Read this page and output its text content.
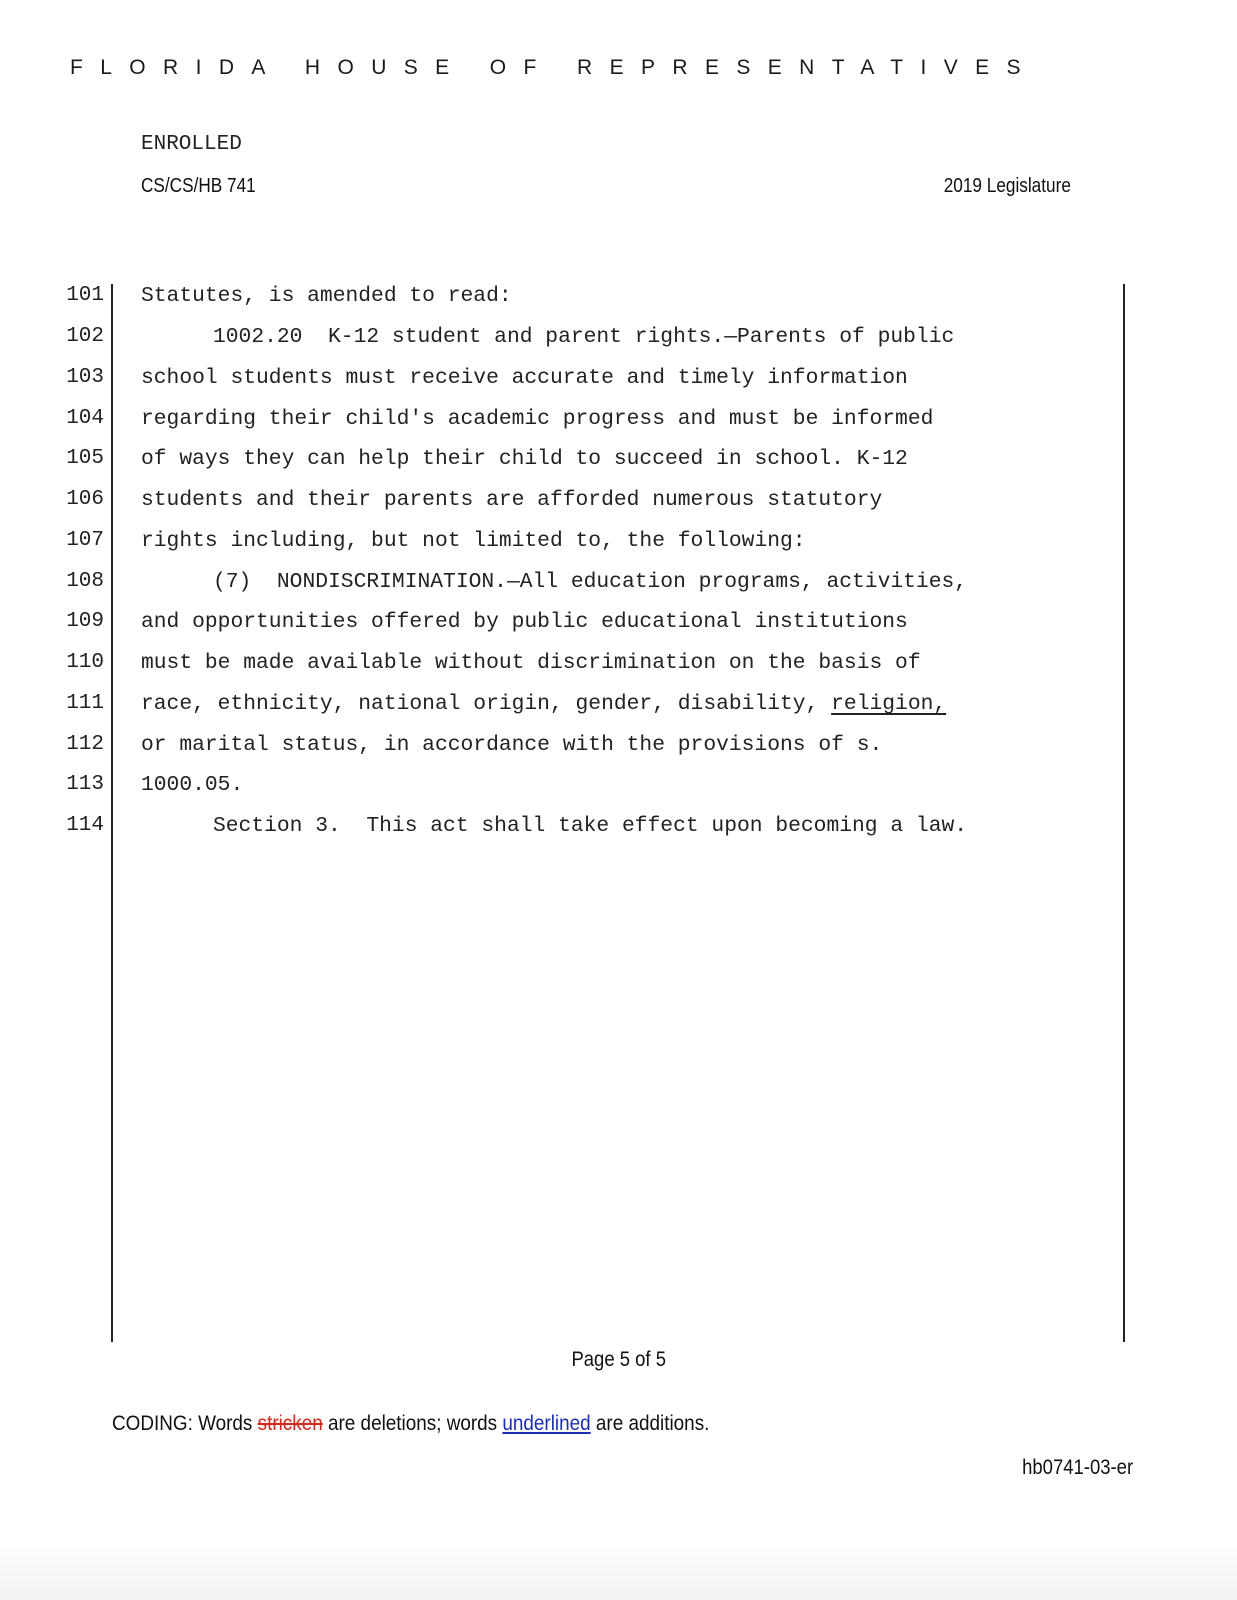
FLORIDA HOUSE OF REPRESENTATIVES
ENROLLED
CS/CS/HB 741	2019 Legislature
101 Statutes, is amended to read:
102	1002.20  K-12 student and parent rights.—Parents of public
103 school students must receive accurate and timely information
104 regarding their child's academic progress and must be informed
105 of ways they can help their child to succeed in school. K-12
106 students and their parents are afforded numerous statutory
107 rights including, but not limited to, the following:
108	(7)  NONDISCRIMINATION.—All education programs, activities,
109 and opportunities offered by public educational institutions
110 must be made available without discrimination on the basis of
111 race, ethnicity, national origin, gender, disability, religion,
112 or marital status, in accordance with the provisions of s.
113 1000.05.
114	Section 3.  This act shall take effect upon becoming a law.
Page 5 of 5
CODING: Words stricken are deletions; words underlined are additions.
hb0741-03-er
